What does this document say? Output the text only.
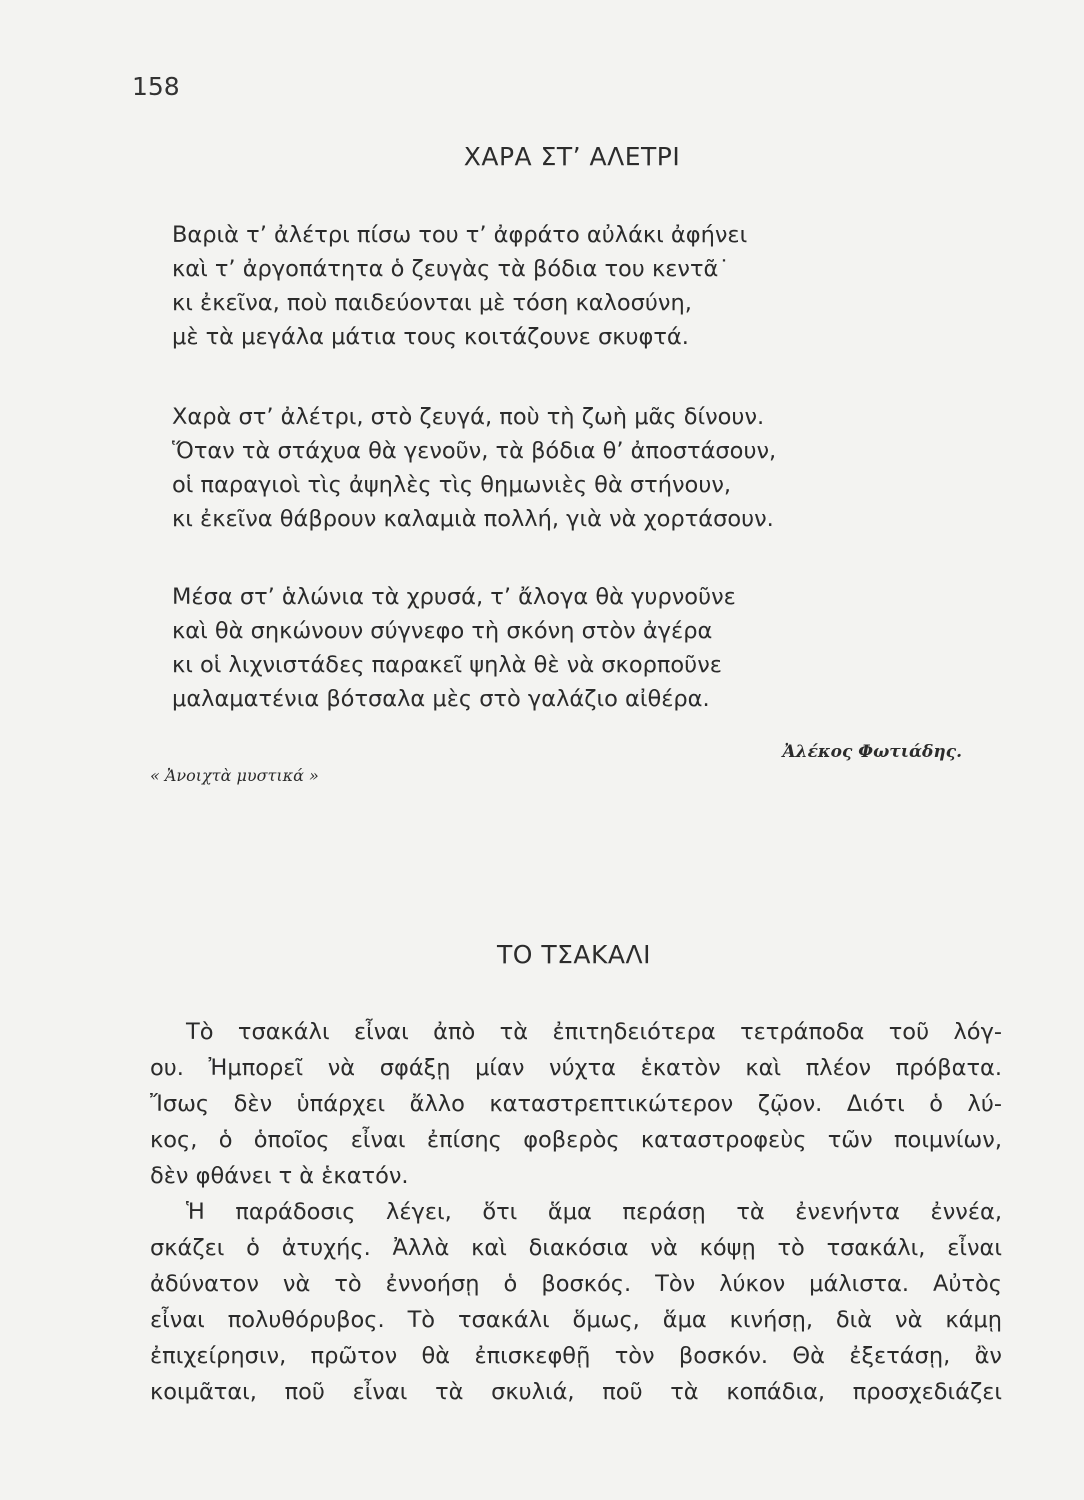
158
ΧΑΡΑ ΣΤ’ ΑΛΕΤΡΙ
Βαριὰ τ’ ἀλέτρι πίσω του τ’ ἀφράτο αὐλάκι ἀφήνει
καὶ τ’ ἀργοπάτητα ὁ ζευγὰς τὰ βόδια του κεντᾶ˙
κι ἐκεῖνα, ποὺ παιδεύονται μὲ τόση καλοσύνη,
μὲ τὰ μεγάλα μάτια τους κοιτάζουνε σκυφτά.
Χαρὰ στ’ ἀλέτρι, στὸ ζευγά, ποὺ τὴ ζωὴ μᾶς δίνουν.
Ὅταν τὰ στάχυα θὰ γενοῦν, τὰ βόδια θ’ ἀποστάσουν,
οἱ παραγιοὶ τὶς ἀψηλὲς τὶς θημωνιὲς θὰ στήνουν,
κι ἐκεῖνα θάβρουν καλαμιὰ πολλή, γιὰ νὰ χορτάσουν.
Μέσα στ’ ἁλώνια τὰ χρυσά, τ’ ἄλογα θὰ γυρνοῦνε
καὶ θὰ σηκώνουν σύγνεφο τὴ σκόνη στὸν ἀγέρα
κι οἱ λιχνιστάδες παρακεῖ ψηλὰ θὲ νὰ σκορποῦνε
μαλαματένια βότσαλα μὲς στὸ γαλάζιο αἰθέρα.
Ἀλέκος Φωτιάδης.
« Ἀνοιχτὰ μυστικά »
ΤΟ ΤΣΑΚΑΛΙ
Τὸ τσακάλι εἶναι ἀπὸ τὰ ἐπιτηδειότερα τετράποδα τοῦ λόγ-
ου. Ἠμπορεῖ νὰ σφάξῃ μίαν νύχτα ἑκατὸν καὶ πλέον πρόβατα.
Ἴσως δὲν ὑπάρχει ἄλλο καταστρεπτικώτερον ζῷον. Διότι ὁ λύ-
κος, ὁ ὁποῖος εἶναι ἐπίσης φοβερὸς καταστροφεὺς τῶν ποιμνίων,
δὲν φθάνει τ ὰ ἑκατόν.
Ἡ παράδοσις λέγει, ὅτι ἅμα περάσῃ τὰ ἐνενήντα ἐννέα,
σκάζει ὁ ἀτυχής. Ἀλλὰ καὶ διακόσια νὰ κόψῃ τὸ τσακάλι, εἶναι
ἀδύνατον νὰ τὸ ἐννοήσῃ ὁ βοσκός. Τὸν λύκον μάλιστα. Αὐτὸς
εἶναι πολυθόρυβος. Τὸ τσακάλι ὅμως, ἅμα κινήσῃ, διὰ νὰ κάμῃ
ἐπιχείρησιν, πρῶτον θὰ ἐπισκεφθῇ τὸν βοσκόν. Θὰ ἐξετάσῃ, ἂν
κοιμᾶται, ποῦ εἶναι τὰ σκυλιά, ποῦ τὰ κοπάδια, προσχεδιάζει
